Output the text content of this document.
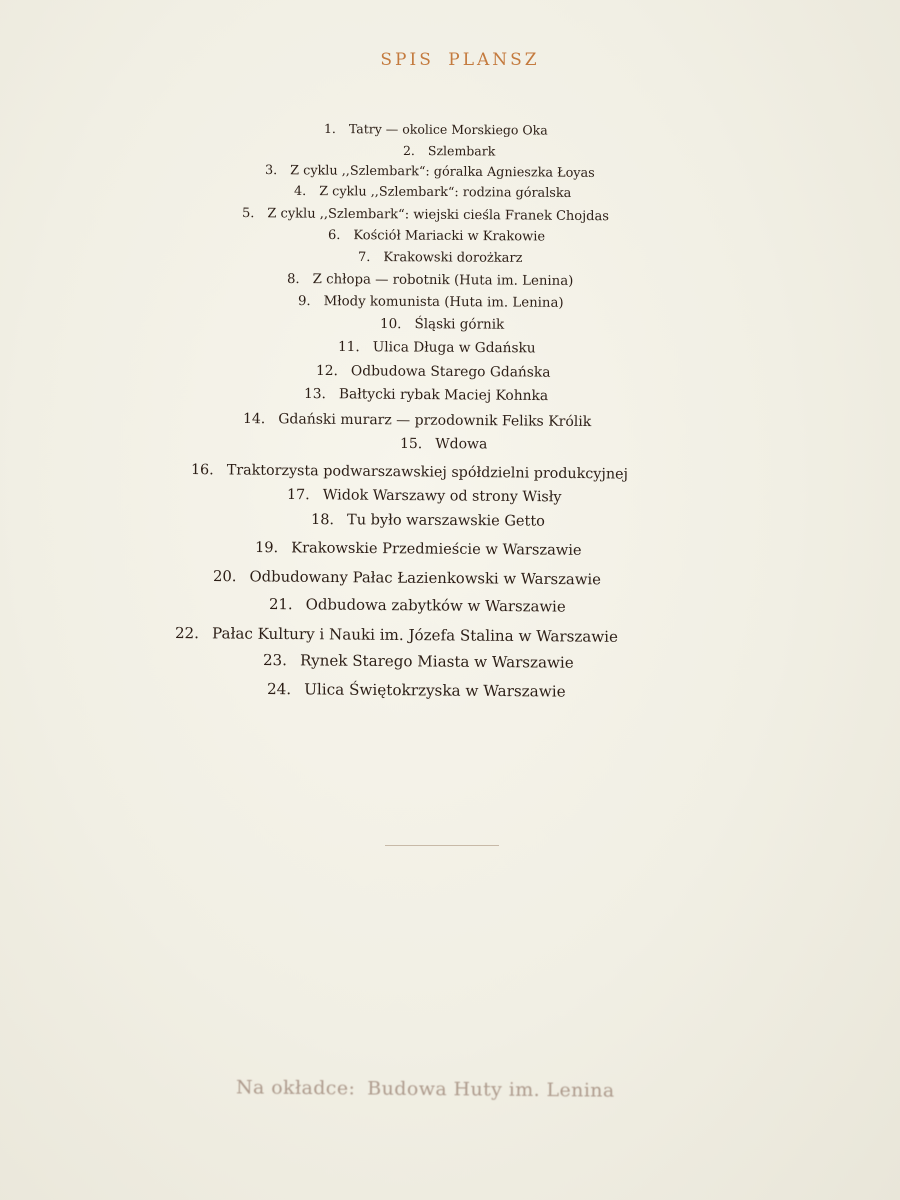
SPIS PLANSZ
1. Tatry — okolice Morskiego Oka
2. Szlembark
3. Z cyklu ,,Szlembark“: góralka Agnieszka Łoyas
4. Z cyklu ,,Szlembark“: rodzina góralska
5. Z cyklu ,,Szlembark“: wiejski cieśla Franek Chojdas
6. Kościół Mariacki w Krakowie
7. Krakowski dorożkarz
8. Z chłopa — robotnik (Huta im. Lenina)
9. Młody komunista (Huta im. Lenina)
10. Śląski górnik
11. Ulica Długa w Gdańsku
12. Odbudowa Starego Gdańska
13. Bałtycki rybak Maciej Kohnka
14. Gdański murarz — przodownik Feliks Królik
15. Wdowa
16. Traktorzysta podwarszawskiej spółdzielni produkcyjnej
17. Widok Warszawy od strony Wisły
18. Tu było warszawskie Getto
19. Krakowskie Przedmieście w Warszawie
20. Odbudowany Pałac Łazienkowski w Warszawie
21. Odbudowa zabytków w Warszawie
22. Pałac Kultury i Nauki im. Józefa Stalina w Warszawie
23. Rynek Starego Miasta w Warszawie
24. Ulica Świętokrzyska w Warszawie
Na okładce: Budowa Huty im. Lenina
